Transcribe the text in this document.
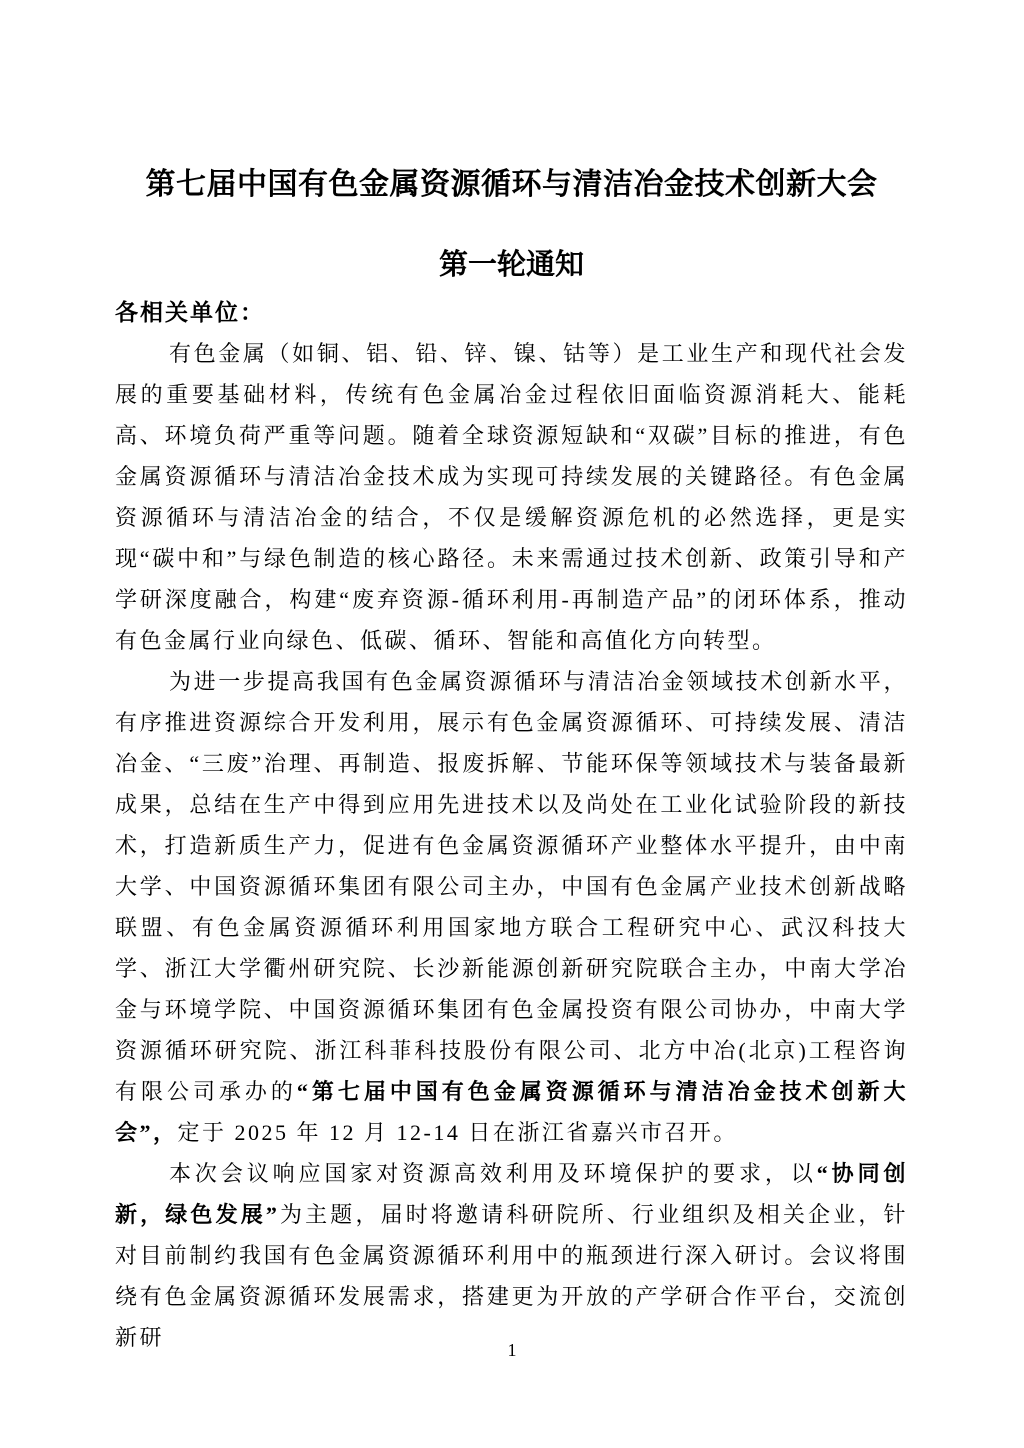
第七届中国有色金属资源循环与清洁冶金技术创新大会
第一轮通知

各相关单位：

有色金属（如铜、铝、铅、锌、镍、钴等）是工业生产和现代社会发展的重要基础材料，传统有色金属冶金过程依旧面临资源消耗大、能耗高、环境负荷严重等问题。随着全球资源短缺和“双碳”目标的推进，有色金属资源循环与清洁冶金技术成为实现可持续发展的关键路径。有色金属资源循环与清洁冶金的结合，不仅是缓解资源危机的必然选择，更是实现“碳中和”与绿色制造的核心路径。未来需通过技术创新、政策引导和产学研深度融合，构建“废弃资源-循环利用-再制造产品”的闭环体系，推动有色金属行业向绿色、低碳、循环、智能和高值化方向转型。

为进一步提高我国有色金属资源循环与清洁冶金领域技术创新水平，有序推进资源综合开发利用，展示有色金属资源循环、可持续发展、清洁冶金、“三废”治理、再制造、报废拆解、节能环保等领域技术与装备最新成果，总结在生产中得到应用先进技术以及尚处在工业化试验阶段的新技术，打造新质生产力，促进有色金属资源循环产业整体水平提升，由中南大学、中国资源循环集团有限公司主办，中国有色金属产业技术创新战略联盟、有色金属资源循环利用国家地方联合工程研究中心、武汉科技大学、浙江大学衢州研究院、长沙新能源创新研究院联合主办，中南大学冶金与环境学院、中国资源循环集团有色金属投资有限公司协办，中南大学资源循环研究院、浙江科菲科技股份有限公司、北方中冶(北京)工程咨询有限公司承办的“第七届中国有色金属资源循环与清洁冶金技术创新大会”，定于 2025 年 12 月 12-14 日在浙江省嘉兴市召开。

本次会议响应国家对资源高效利用及环境保护的要求，以“协同创新，绿色发展”为主题，届时将邀请科研院所、行业组织及相关企业，针对目前制约我国有色金属资源循环利用中的瓶颈进行深入研讨。会议将围绕有色金属资源循环发展需求，搭建更为开放的产学研合作平台，交流创新研	1
